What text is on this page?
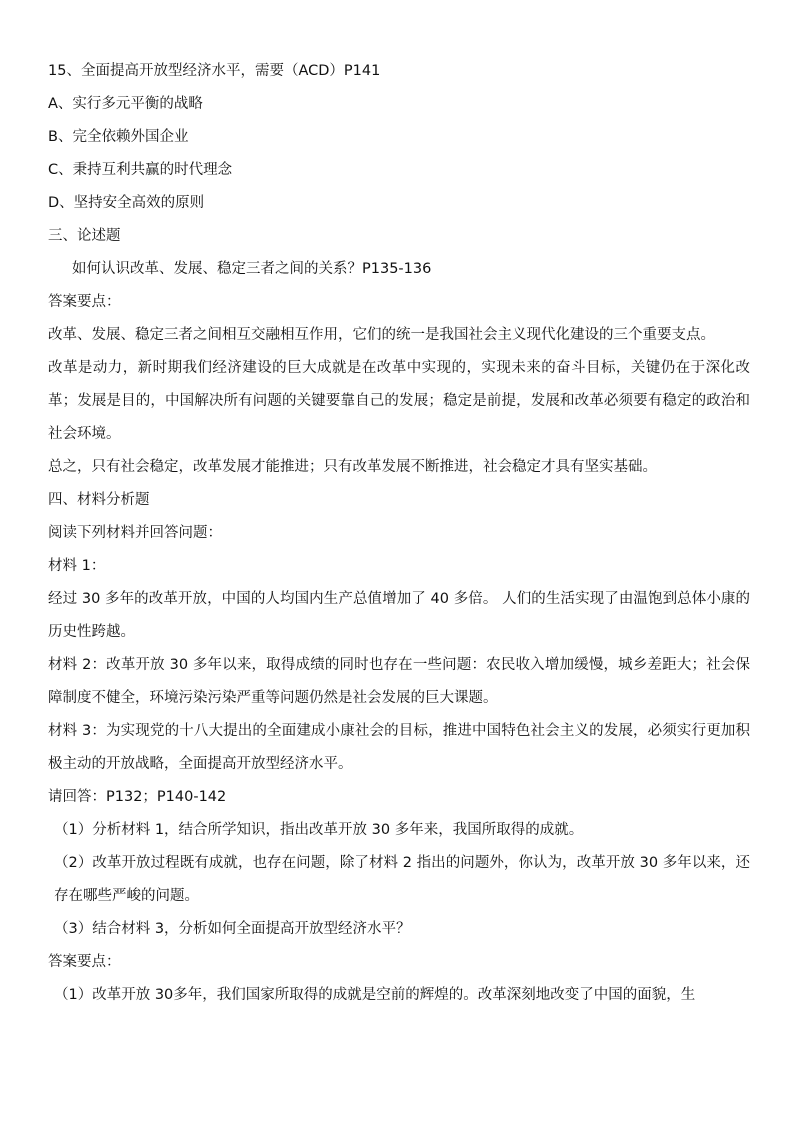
15、全面提高开放型经济水平，需要（ACD）P141
A、实行多元平衡的战略
B、完全依赖外国企业
C、秉持互利共赢的时代理念
D、坚持安全高效的原则
三、论述题
如何认识改革、发展、稳定三者之间的关系？P135-136
答案要点：
改革、发展、稳定三者之间相互交融相互作用，它们的统一是我国社会主义现代化建设的三个重要支点。
改革是动力，新时期我们经济建设的巨大成就是在改革中实现的，实现未来的奋斗目标，关键仍在于深化改革；发展是目的，中国解决所有问题的关键要靠自己的发展；稳定是前提，发展和改革必须要有稳定的政治和社会环境。
总之，只有社会稳定，改革发展才能推进；只有改革发展不断推进，社会稳定才具有坚实基础。
四、材料分析题
阅读下列材料并回答问题：
材料 1：
经过 30 多年的改革开放，中国的人均国内生产总值增加了 40 多倍。 人们的生活实现了由温饱到总体小康的历史性跨越。
材料 2：改革开放 30 多年以来，取得成绩的同时也存在一些问题：农民收入增加缓慢，城乡差距大；社会保障制度不健全，环境污染污染严重等问题仍然是社会发展的巨大课题。
材料 3：为实现党的十八大提出的全面建成小康社会的目标，推进中国特色社会主义的发展，必须实行更加积极主动的开放战略，全面提高开放型经济水平。
请回答：P132；P140-142
（1）分析材料 1，结合所学知识，指出改革开放 30 多年来，我国所取得的成就。
（2）改革开放过程既有成就，也存在问题，除了材料 2 指出的问题外，你认为，改革开放 30 多年以来，还存在哪些严峻的问题。
（3）结合材料 3，分析如何全面提高开放型经济水平？
答案要点：
（1）改革开放 30多年，我们国家所取得的成就是空前的辉煌的。改革深刻地改变了中国的面貌，生
